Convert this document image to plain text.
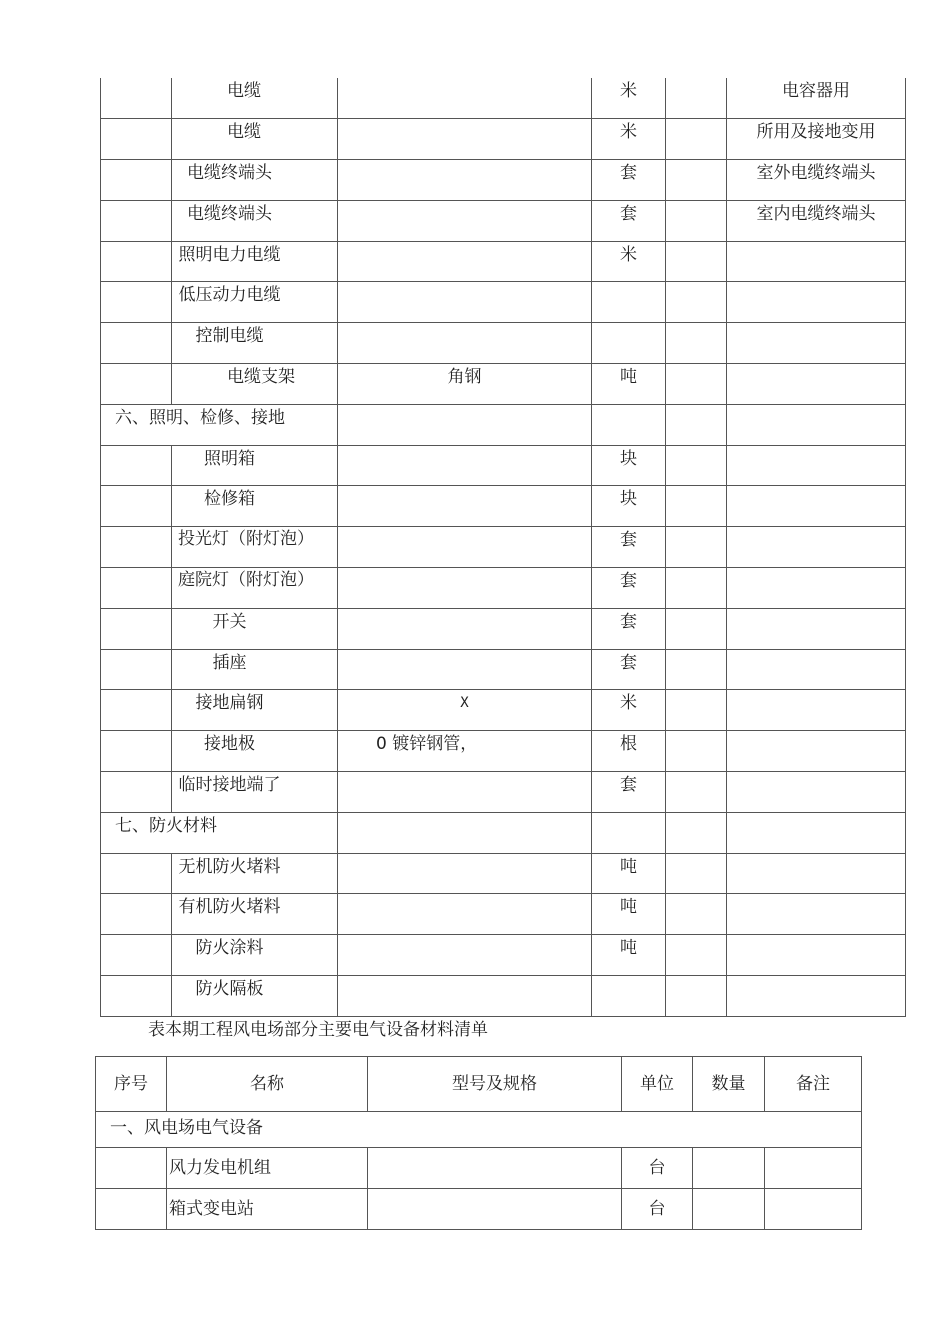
	电缆		米		电容器用

	电缆		米		所用及接地变用

	电缆终端头		套		室外电缆终端头

	电缆终端头		套		室内电缆终端头

	照明电力电缆		米		

	低压动力电缆				

	控制电缆				

	电缆支架	角钢	吨		

六、照明、检修、接地					

	照明箱		块		

	检修箱		块		

	投光灯（附灯泡）		套		

	庭院灯（附灯泡）		套		

	开关		套		

	插座		套		

	接地扁钢	X	米		

	接地极	0 镀锌钢管，	根		

	临时接地端了		套		

七、防火材料					

	无机防火堵料		吨		

	有机防火堵料		吨		

	防火涂料		吨		

	防火隔板				

表本期工程风电场部分主要电气设备材料清单
序号	名称	型号及规格	单位	数量	备注
一、风电场电气设备					
	风力发电机组		台		
	箱式变电站		台		
